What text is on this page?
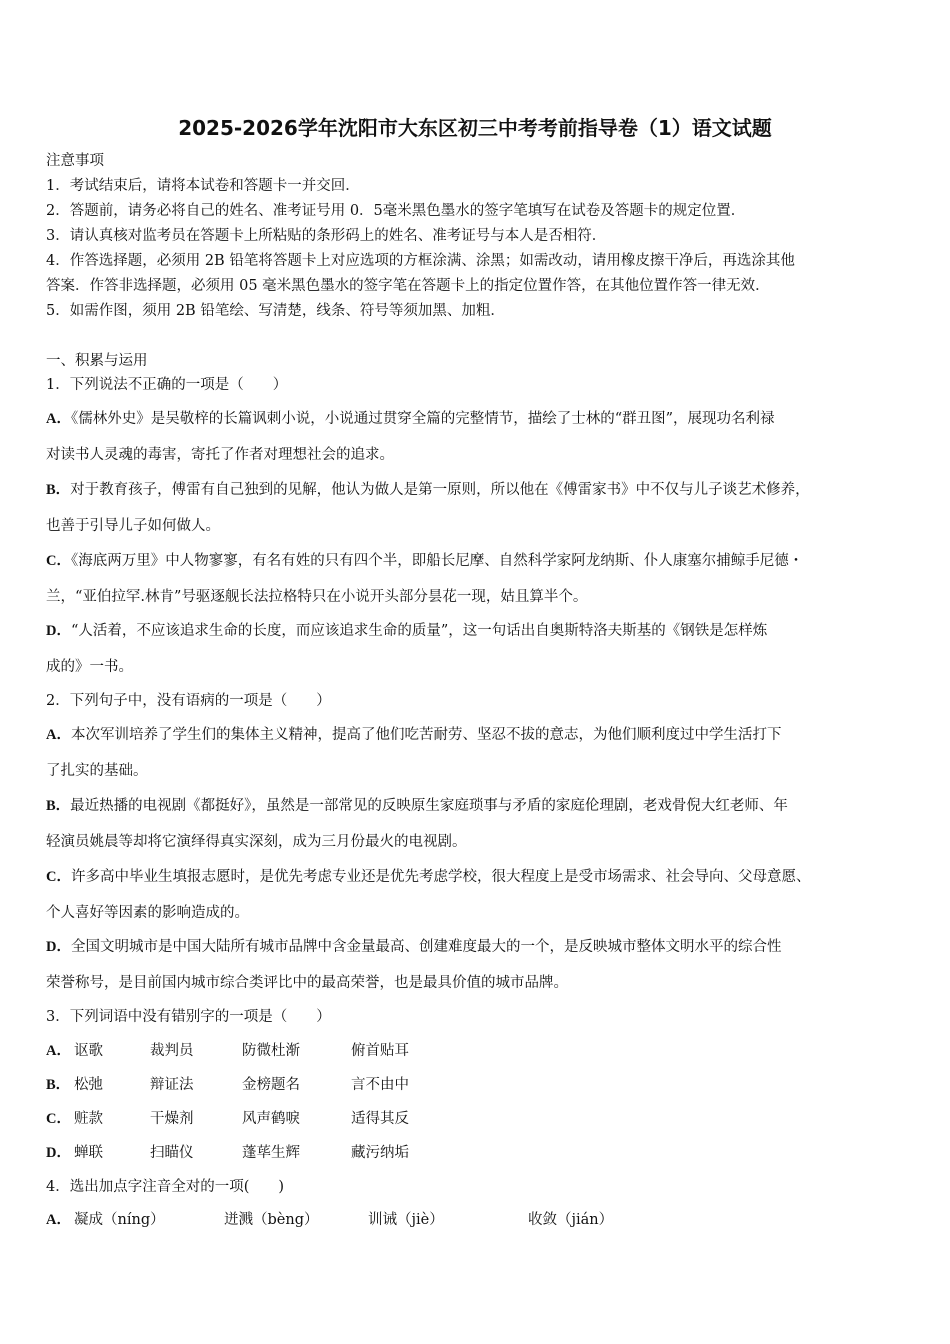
2025-2026学年沈阳市大东区初三中考考前指导卷（1）语文试题
注意事项
1．考试结束后，请将本试卷和答题卡一并交回．
2．答题前，请务必将自己的姓名、准考证号用 0．5毫米黑色墨水的签字笔填写在试卷及答题卡的规定位置．
3．请认真核对监考员在答题卡上所粘贴的条形码上的姓名、准考证号与本人是否相符．
4．作答选择题，必须用 2B 铅笔将答题卡上对应选项的方框涂满、涂黑；如需改动，请用橡皮擦干净后，再选涂其他
答案．作答非选择题，必须用 05 毫米黑色墨水的签字笔在答题卡上的指定位置作答，在其他位置作答一律无效．
5．如需作图，须用 2B 铅笔绘、写清楚，线条、符号等须加黑、加粗．
一、积累与运用
1．下列说法不正确的一项是（　　）
A．《儒林外史》是吴敬梓的长篇讽刺小说，小说通过贯穿全篇的完整情节，描绘了士林的“群丑图”，展现功名利禄
对读书人灵魂的毒害，寄托了作者对理想社会的追求。
B．对于教育孩子，傅雷有自己独到的见解，他认为做人是第一原则，所以他在《傅雷家书》中不仅与儿子谈艺术修养，
也善于引导儿子如何做人。
C．《海底两万里》中人物寥寥，有名有姓的只有四个半，即船长尼摩、自然科学家阿龙纳斯、仆人康塞尔捕鲸手尼德・
兰，“亚伯拉罕.林肯”号驱逐舰长法拉格特只在小说开头部分昙花一现，姑且算半个。
D．“人活着，不应该追求生命的长度，而应该追求生命的质量”，这一句话出自奥斯特洛夫斯基的《钢铁是怎样炼
成的》一书。
2．下列句子中，没有语病的一项是（　　）
A．本次军训培养了学生们的集体主义精神，提高了他们吃苦耐劳、坚忍不拔的意志，为他们顺利度过中学生活打下
了扎实的基础。
B．最近热播的电视剧《都挺好》，虽然是一部常见的反映原生家庭琐事与矛盾的家庭伦理剧，老戏骨倪大红老师、年
轻演员姚晨等却将它演绎得真实深刻，成为三月份最火的电视剧。
C．许多高中毕业生填报志愿时，是优先考虑专业还是优先考虑学校，很大程度上是受市场需求、社会导向、父母意愿、
个人喜好等因素的影响造成的。
D．全国文明城市是中国大陆所有城市品牌中含金量最高、创建难度最大的一个，是反映城市整体文明水平的综合性
荣誉称号，是目前国内城市综合类评比中的最高荣誉，也是最具价值的城市品牌。
3．下列词语中没有错别字的一项是（　　）
A． 讴歌	裁判员	防微杜渐	俯首贴耳
B． 松弛	辩证法	金榜题名	言不由中
C． 赃款	干燥剂	风声鹤唳	适得其反
D． 蝉联	扫瞄仪	蓬荜生辉	藏污纳垢
4．选出加点字注音全对的一项(　　)
A． 凝成（níng）	迸溅（bèng）	训诫（jiè）	收敛（jián）
